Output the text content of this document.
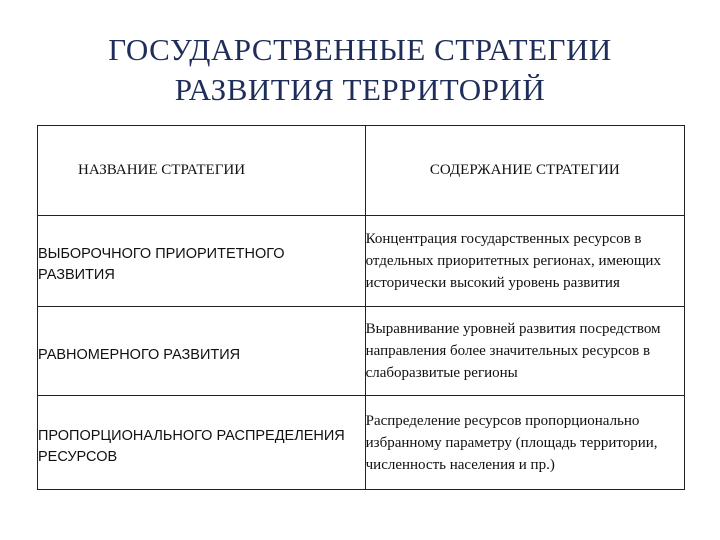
ГОСУДАРСТВЕННЫЕ СТРАТЕГИИ
РАЗВИТИЯ ТЕРРИТОРИЙ
НАЗВАНИЕ СТРАТЕГИИ	СОДЕРЖАНИЕ СТРАТЕГИИ

ВЫБОРОЧНОГО ПРИОРИТЕТНОГО РАЗВИТИЯ	Концентрация государственных ресурсов в отдельных приоритетных регионах, имеющих исторически высокий уровень развития

РАВНОМЕРНОГО РАЗВИТИЯ	Выравнивание уровней развития посредством направления более значительных ресурсов в слаборазвитые регионы

ПРОПОРЦИОНАЛЬНОГО РАСПРЕДЕЛЕНИЯ РЕСУРСОВ	Распределение ресурсов пропорционально избранному параметру (площадь территории, численность населения и пр.)
